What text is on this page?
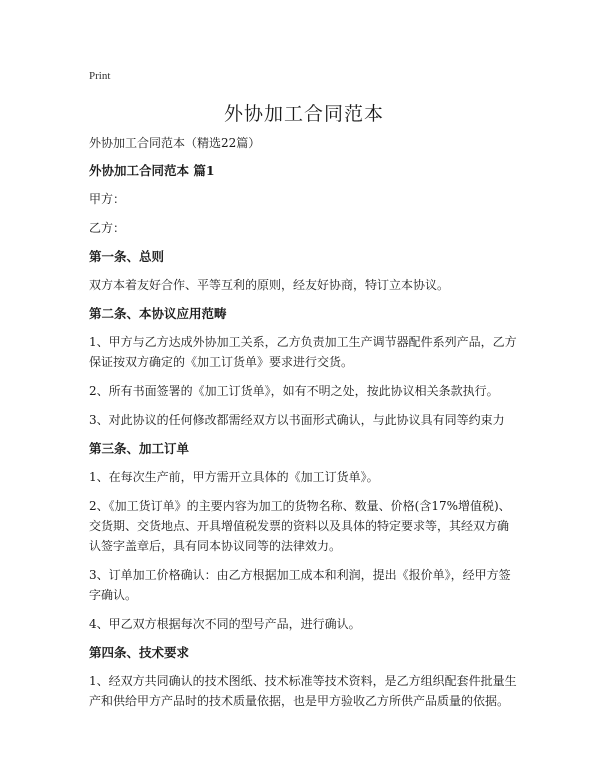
Print
外协加工合同范本

外协加工合同范本（精选22篇）

外协加工合同范本 篇1

甲方：

乙方：

第一条、总则

双方本着友好合作、平等互利的原则，经友好协商，特订立本协议。

第二条、本协议应用范畴

1、甲方与乙方达成外协加工关系，乙方负责加工生产调节器配件系列产品，乙方保证按双方确定的《加工订货单》要求进行交货。

2、所有书面签署的《加工订货单》，如有不明之处，按此协议相关条款执行。

3、对此协议的任何修改都需经双方以书面形式确认，与此协议具有同等约束力

第三条、加工订单

1、在每次生产前，甲方需开立具体的《加工订货单》。

2、《加工货订单》的主要内容为加工的货物名称、数量、价格(含17%增值税)、交货期、交货地点、开具增值税发票的资料以及具体的特定要求等，其经双方确认签字盖章后，具有同本协议同等的法律效力。

3、订单加工价格确认：由乙方根据加工成本和利润，提出《报价单》，经甲方签字确认。

4、甲乙双方根据每次不同的型号产品，进行确认。

第四条、技术要求

1、经双方共同确认的技术图纸、技术标准等技术资料，是乙方组织配套件批量生产和供给甲方产品时的技术质量依据，也是甲方验收乙方所供产品质量的依据。
